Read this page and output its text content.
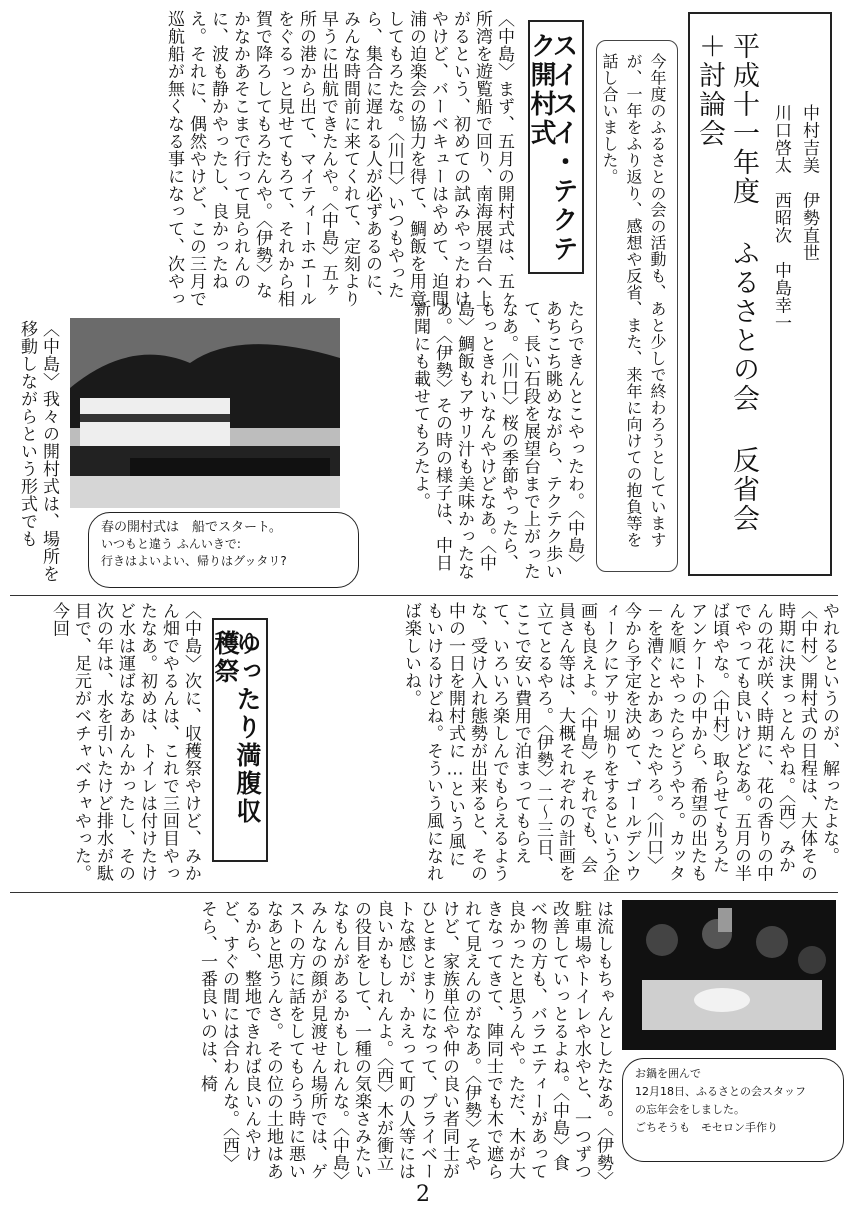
平成十一年度 ふるさとの会 反省会 ＋討論会
川口啓太　西昭次　中島幸一 中村吉美　伊勢直世
今年度のふるさとの会の活動も、あと少しで終わろうとしていますが、一年をふり返り、感想や反省、また、来年に向けての抱負等を話し合いました。
スイスイ・テクテク開村式
〈中島〉まず、五月の開村式は、五ヶ所湾を遊覧船で回り、南海展望台へ上がるという、初めての試みやったわけやけど、バーベキューはやめて、迫間浦の迫楽会の協力を得て、鯛飯を用意してもろたな。〈川口〉いつもやったら、集合に遅れる人が必ずあるのに、みんな時間前に来てくれて、定刻より早うに出航できたんや。〈中島〉五ヶ所の港から出て、マイティーホエールをぐるっと見せてもろて、それから相賀で降ろしてもろたんや。〈伊勢〉なかなかあそこまで行って見られんのに、波も静かやったし、良かったねえ。それに、偶然やけど、この三月で巡航船が無くなる事になって、次やっ
春の開村式は　船でスタート。
いつもと違う ふんいきで:
行きはよいよい、帰りはグッタリ?	たらできんとこやったわ。〈中島〉あちこち眺めながら、テクテク歩いて、長い石段を展望台まで上がったなあ。〈川口〉桜の季節やったら、もっときれいなんやけどなあ。〈中島〉鯛飯もアサリ汁も美味かったなあ。〈伊勢〉その時の様子は、中日新聞にも載せてもろたよ。
〈中島〉我々の開村式は、場所を移動しながらという形式でも
やれるというのが、解ったよな。〈中村〉開村式の日程は、大体その時期に決まっとんやね。〈西〉みかんの花が咲く時期に、花の香りの中でやっても良いけどなあ。五月の半ば頃やな。〈中村〉取らせてもろたアンケートの中から、希望の出たもんを順にやったらどうやろ。カッタ－を漕ぐとかあったやろ。〈川口〉今から予定を決めて、ゴールデンウィークにアサリ堀りをするという企画も良えよ。〈中島〉それでも、会員さん等は、大概それぞれの計画を立てとるやろ。〈伊勢〉二～三日、ここで安い費用で泊まってもらえて、いろいろ楽しんでもらえるような、受け入れ態勢が出来ると、その中の一日を開村式に…という風にもいけるけどね。そういう風になれば楽しいね。
ゆったり満腹収穫祭
〈中島〉次に、収穫祭やけど、みかん畑でやるんは、これで三回目やったなあ。初めは、トイレは付けたけど水は運ばなあかんかったし、その次の年は、水を引いたけど排水が駄目で、足元がベチャベチャやった。今回
お鍋を囲んで
12月18日、ふるさとの会スタッフ
の忘年会をしました。
ごちそうも　モセロン手作り
は流しもちゃんとしたなあ。〈伊勢〉駐車場やトイレや水やと、一つずつ改善していっとるよね。〈中島〉食べ物の方も、バラエティーがあって良かったと思うんや。ただ、木が大きなってきて、陣同士でも木で遮られて見えんのがなあ。〈伊勢〉そやけど、家族単位や仲の良い者同士がひとまとまりになって、プライベートな感じが、かえって町の人等には良いかもしれんよ。〈西〉木が衝立の役目をして、一種の気楽さみたいなもんがあるかもしれんな。〈中島〉みんなの顔が見渡せん場所では、ゲストの方に話をしてもらう時に悪いなあと思うんさ。その位の土地はあるから、整地できれば良いんやけど、すぐの間には合わんな。〈西〉そら、一番良いのは、椅
2
